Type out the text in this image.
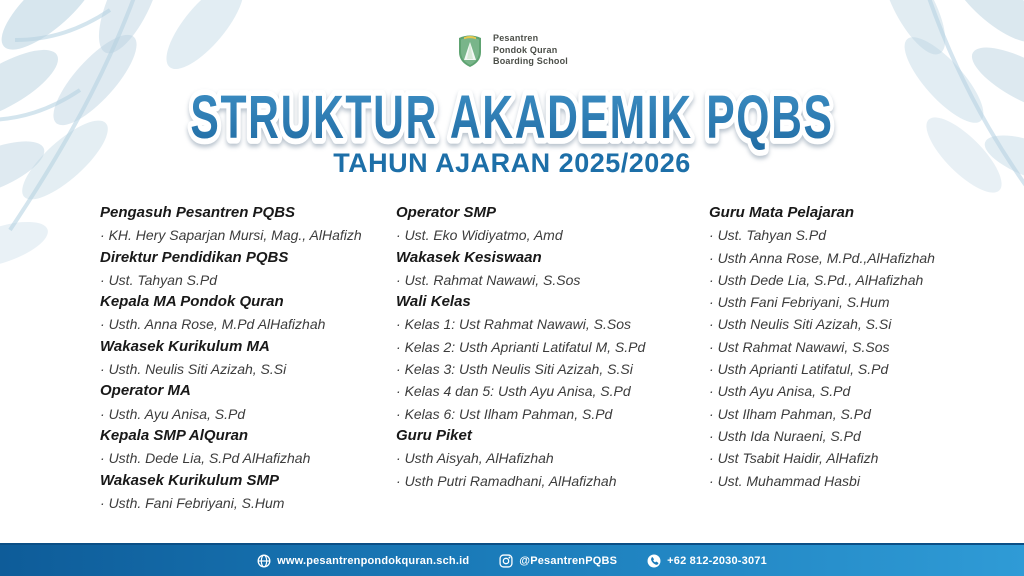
Pesantren
Pondok Quran
Boarding School
STRUKTUR AKADEMIK PQBS
TAHUN AJARAN 2025/2026
Pengasuh Pesantren PQBS
· KH. Hery Saparjan Mursi, Mag., AlHafizh
Direktur Pendidikan PQBS
· Ust. Tahyan S.Pd
Kepala MA Pondok Quran
· Usth. Anna Rose, M.Pd AlHafizhah
Wakasek Kurikulum MA
· Usth. Neulis Siti Azizah, S.Si
Operator MA
· Usth. Ayu Anisa, S.Pd
Kepala SMP AlQuran
· Usth. Dede Lia, S.Pd AlHafizhah
Wakasek Kurikulum SMP
· Usth. Fani Febriyani, S.Hum
Operator SMP
· Ust. Eko Widiyatmo, Amd
Wakasek Kesiswaan
· Ust. Rahmat Nawawi, S.Sos
Wali Kelas
· Kelas 1: Ust Rahmat Nawawi, S.Sos
· Kelas 2: Usth Aprianti Latifatul M, S.Pd
· Kelas 3: Usth Neulis Siti Azizah, S.Si
· Kelas 4 dan 5: Usth Ayu Anisa, S.Pd
· Kelas 6: Ust Ilham Pahman, S.Pd
Guru Piket
· Usth Aisyah, AlHafizhah
· Usth Putri Ramadhani, AlHafizhah
Guru Mata Pelajaran
· Ust. Tahyan S.Pd
· Usth Anna Rose, M.Pd.,AlHafizhah
· Usth Dede Lia, S.Pd., AlHafizhah
· Usth Fani Febriyani, S.Hum
· Usth Neulis Siti Azizah, S.Si
· Ust Rahmat Nawawi, S.Sos
· Usth Aprianti Latifatul, S.Pd
· Usth Ayu Anisa, S.Pd
· Ust Ilham Pahman, S.Pd
· Usth Ida Nuraeni, S.Pd
· Ust Tsabit Haidir, AlHafizh
· Ust. Muhammad Hasbi
www.pesantrenpondokquran.sch.id	@PesantrenPQBS	+62 812-2030-3071
